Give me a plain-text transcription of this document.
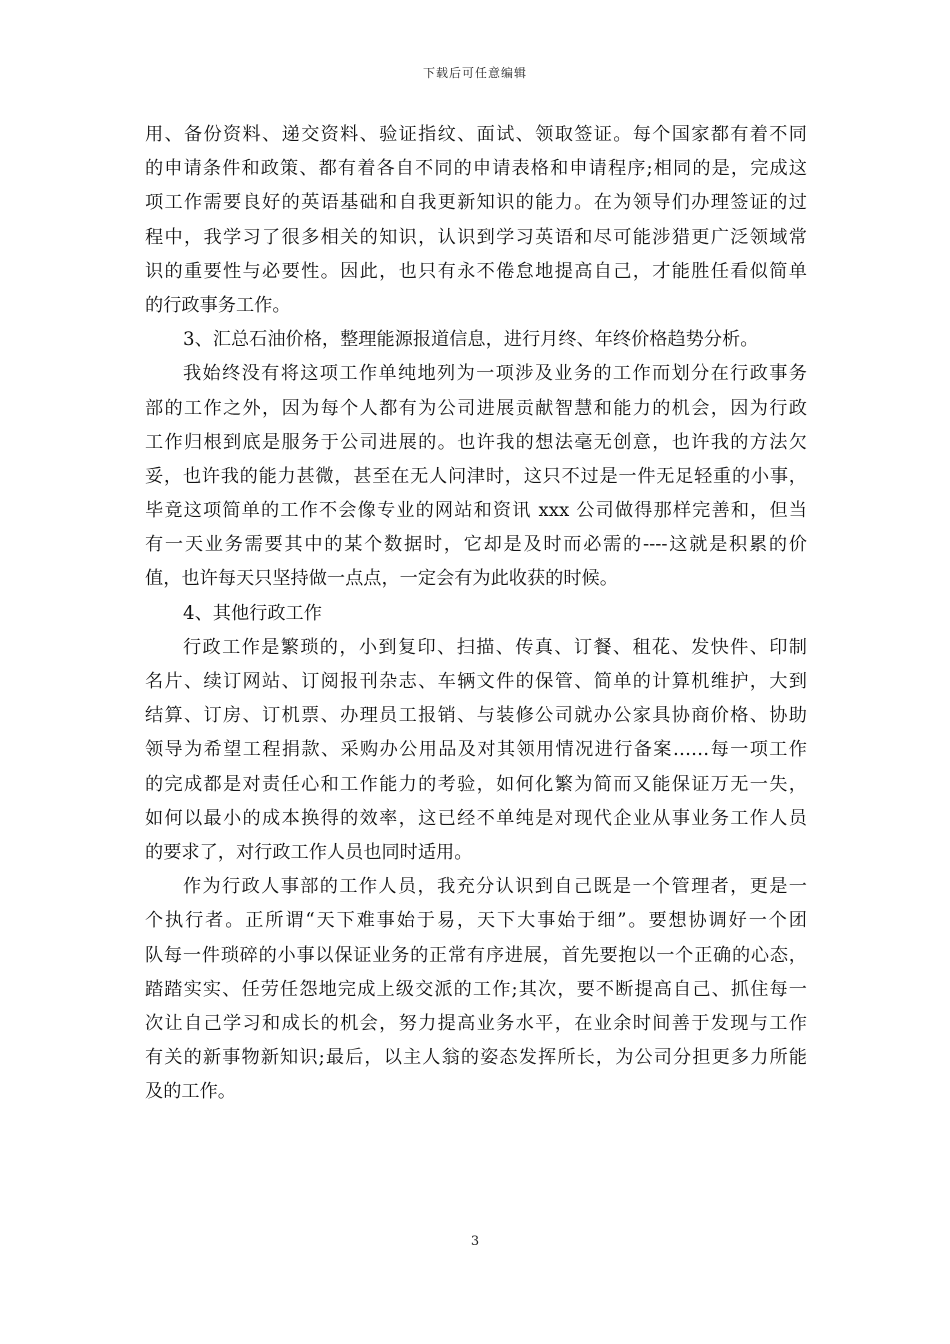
下载后可任意编辑
用、备份资料、递交资料、验证指纹、面试、领取签证。每个国家都有着不同
的申请条件和政策、都有着各自不同的申请表格和申请程序;相同的是，完成这
项工作需要良好的英语基础和自我更新知识的能力。在为领导们办理签证的过
程中，我学习了很多相关的知识，认识到学习英语和尽可能涉猎更广泛领域常
识的重要性与必要性。因此，也只有永不倦怠地提高自己，才能胜任看似简单
的行政事务工作。
3、汇总石油价格，整理能源报道信息，进行月终、年终价格趋势分析。
我始终没有将这项工作单纯地列为一项涉及业务的工作而划分在行政事务
部的工作之外，因为每个人都有为公司进展贡献智慧和能力的机会，因为行政
工作归根到底是服务于公司进展的。也许我的想法毫无创意，也许我的方法欠
妥，也许我的能力甚微，甚至在无人问津时，这只不过是一件无足轻重的小事，
毕竟这项简单的工作不会像专业的网站和资讯 xxx 公司做得那样完善和，但当
有一天业务需要其中的某个数据时，它却是及时而必需的----这就是积累的价
值，也许每天只坚持做一点点，一定会有为此收获的时候。
4、其他行政工作
行政工作是繁琐的，小到复印、扫描、传真、订餐、租花、发快件、印制
名片、续订网站、订阅报刊杂志、车辆文件的保管、简单的计算机维护，大到
结算、订房、订机票、办理员工报销、与装修公司就办公家具协商价格、协助
领导为希望工程捐款、采购办公用品及对其领用情况进行备案……每一项工作
的完成都是对责任心和工作能力的考验，如何化繁为简而又能保证万无一失，
如何以最小的成本换得的效率，这已经不单纯是对现代企业从事业务工作人员
的要求了，对行政工作人员也同时适用。
作为行政人事部的工作人员，我充分认识到自己既是一个管理者，更是一
个执行者。正所谓“天下难事始于易，天下大事始于细”。要想协调好一个团
队每一件琐碎的小事以保证业务的正常有序进展，首先要抱以一个正确的心态，
踏踏实实、任劳任怨地完成上级交派的工作;其次，要不断提高自己、抓住每一
次让自己学习和成长的机会，努力提高业务水平，在业余时间善于发现与工作
有关的新事物新知识;最后，以主人翁的姿态发挥所长，为公司分担更多力所能
及的工作。
3
